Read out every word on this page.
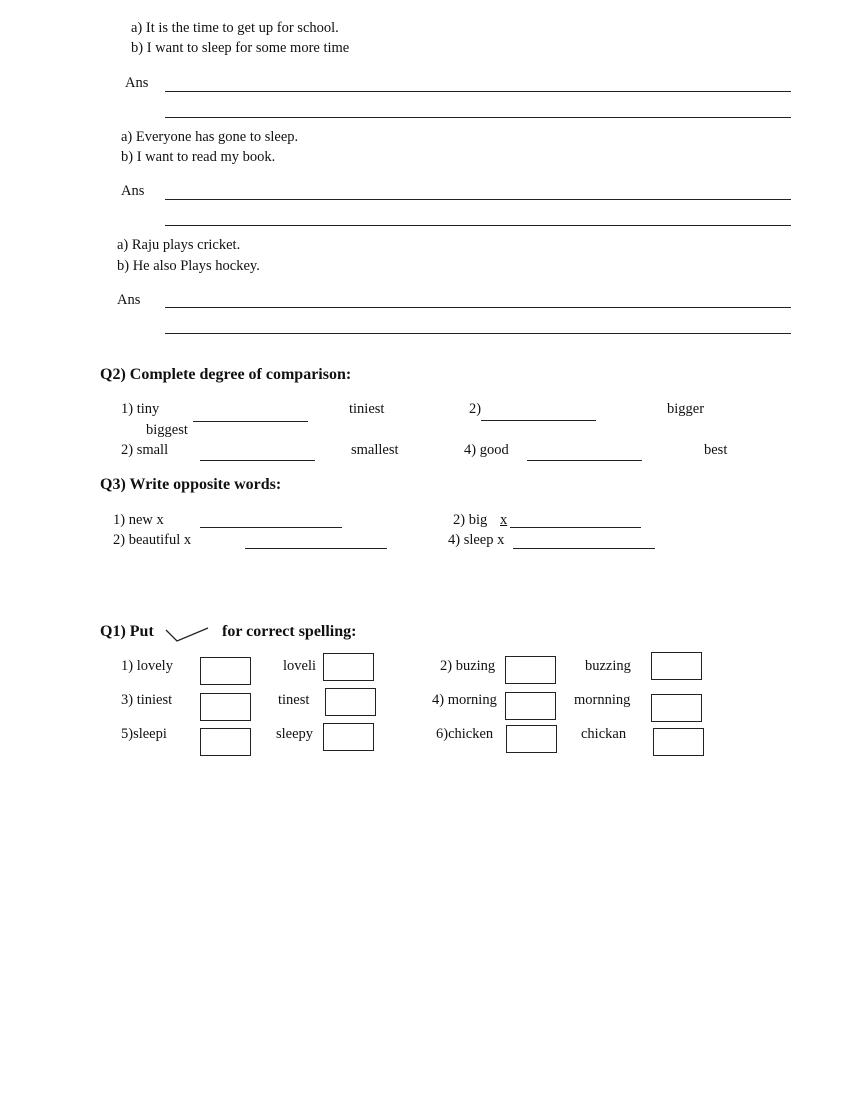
a) It is the time to get up for school.
b) I want to sleep for some more time
Ans
a) Everyone has gone to sleep.
b) I want to read my book.
Ans
a) Raju plays cricket.
b) He also Plays hockey.
Ans
Q2) Complete degree of comparison:
1) tiny	tiniest	2)	bigger
biggest
2) small	smallest	4) good	best
Q3) Write opposite words:
1) new x	2) big x
2) beautiful x	4) sleep x
Q1) Put	for correct spelling:
1) lovely	loveli	2) buzing	buzzing
3) tiniest	tinest	4) morning	mornning
5)sleepi	sleepy	6)chicken	chickan
